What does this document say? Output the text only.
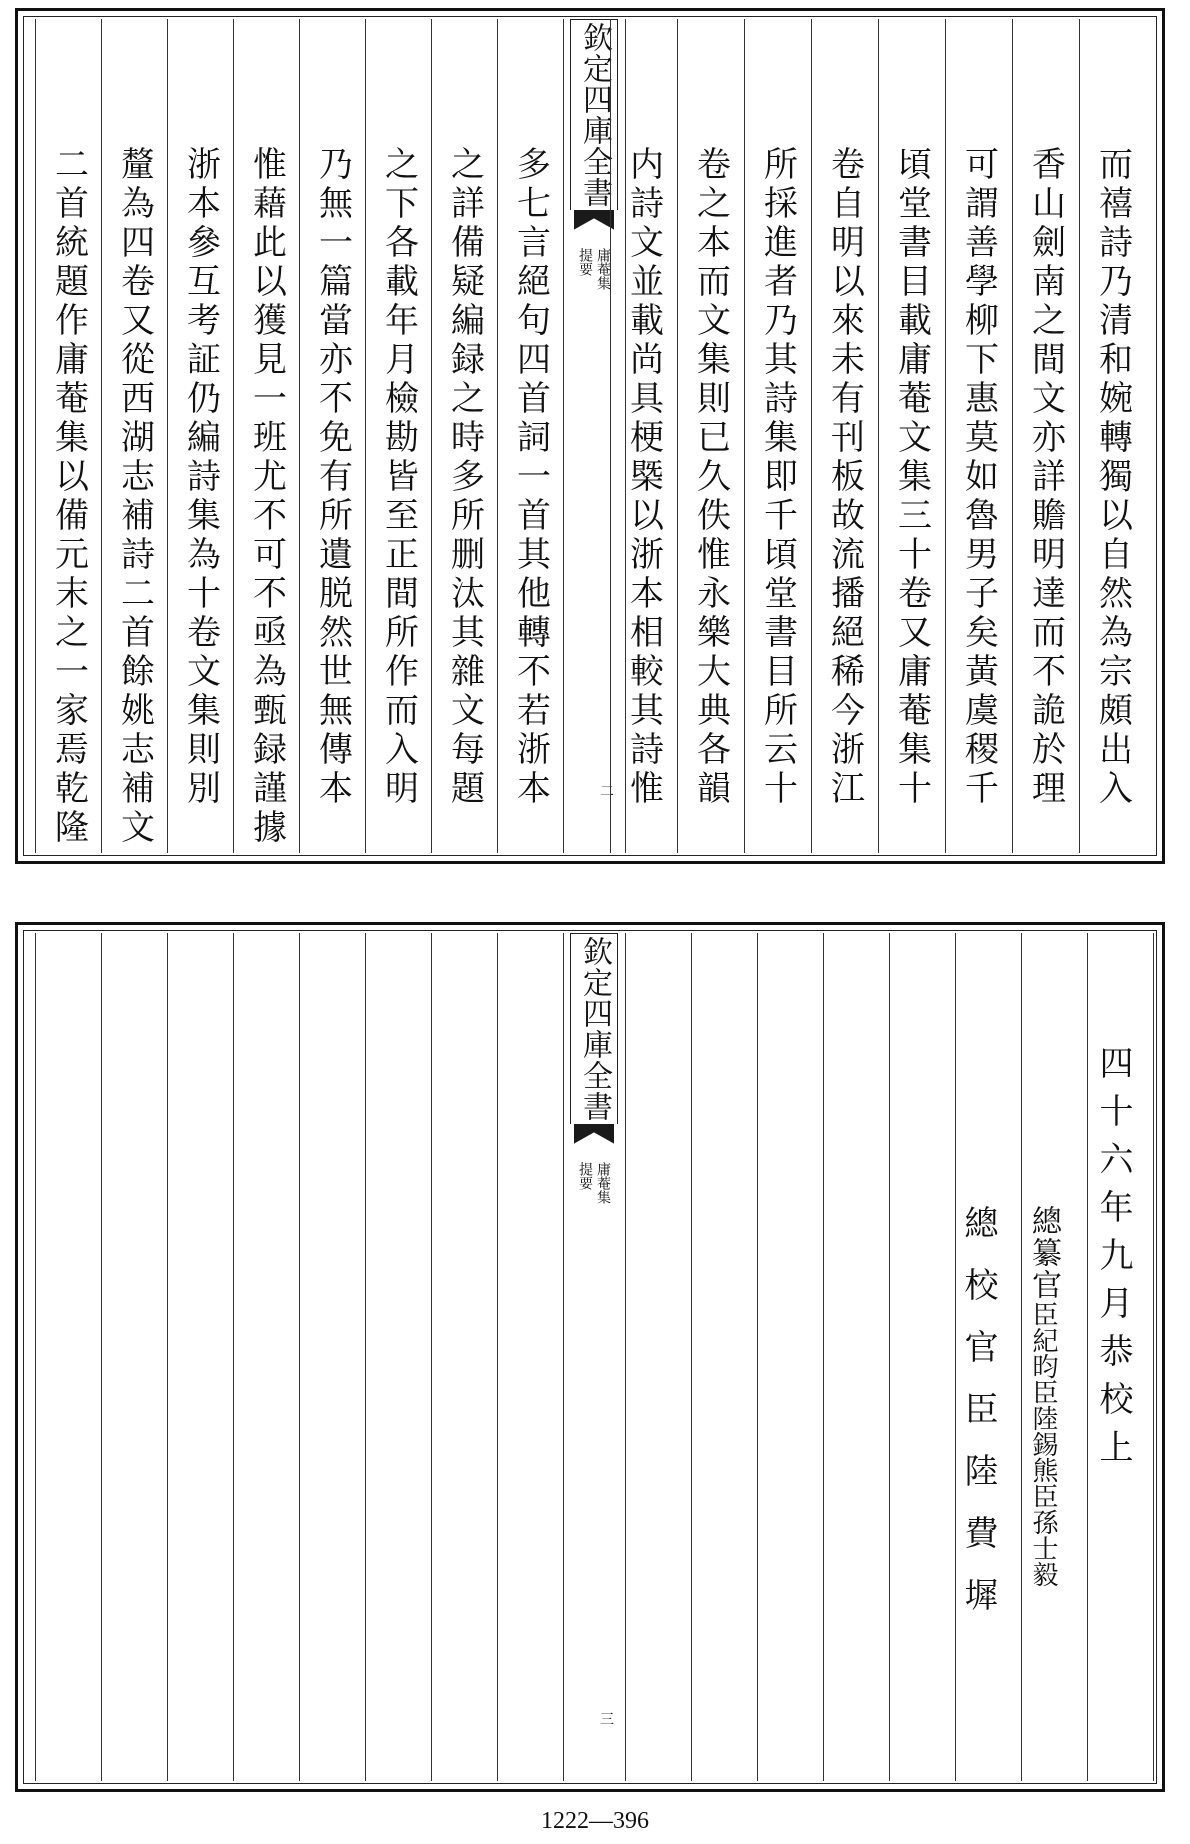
欽定四庫全書
庸菴集
提要
二	而禧詩乃清和婉轉獨以自然為宗頗出入
香山劍南之間文亦詳贍明達而不詭於理
可謂善學柳下惠莫如魯男子矣黃虞稷千
頃堂書目載庸菴文集三十卷又庸菴集十
卷自明以來未有刊板故流播絕稀今浙江
所採進者乃其詩集即千頃堂書目所云十
卷之本而文集則已久佚惟永樂大典各韻
内詩文並載尚具梗槩以浙本相較其詩惟
多七言絕句四首詞一首其他轉不若浙本
之詳備疑編録之時多所删汰其雜文每題
之下各載年月檢勘皆至正間所作而入明
乃無一篇當亦不免有所遺脱然世無傳本
惟藉此以獲見一班尤不可不亟為甄録謹據
浙本參互考証仍編詩集為十卷文集則別
釐為四卷又從西湖志補詩二首餘姚志補文
二首統題作庸菴集以備元末之一家焉乾隆
欽定四庫全書
庸菴集
提要
三
四十六年九月恭校上
總纂官
臣紀昀
臣陸錫熊
臣孫士毅
總校官
臣陸費墀
1222—396
